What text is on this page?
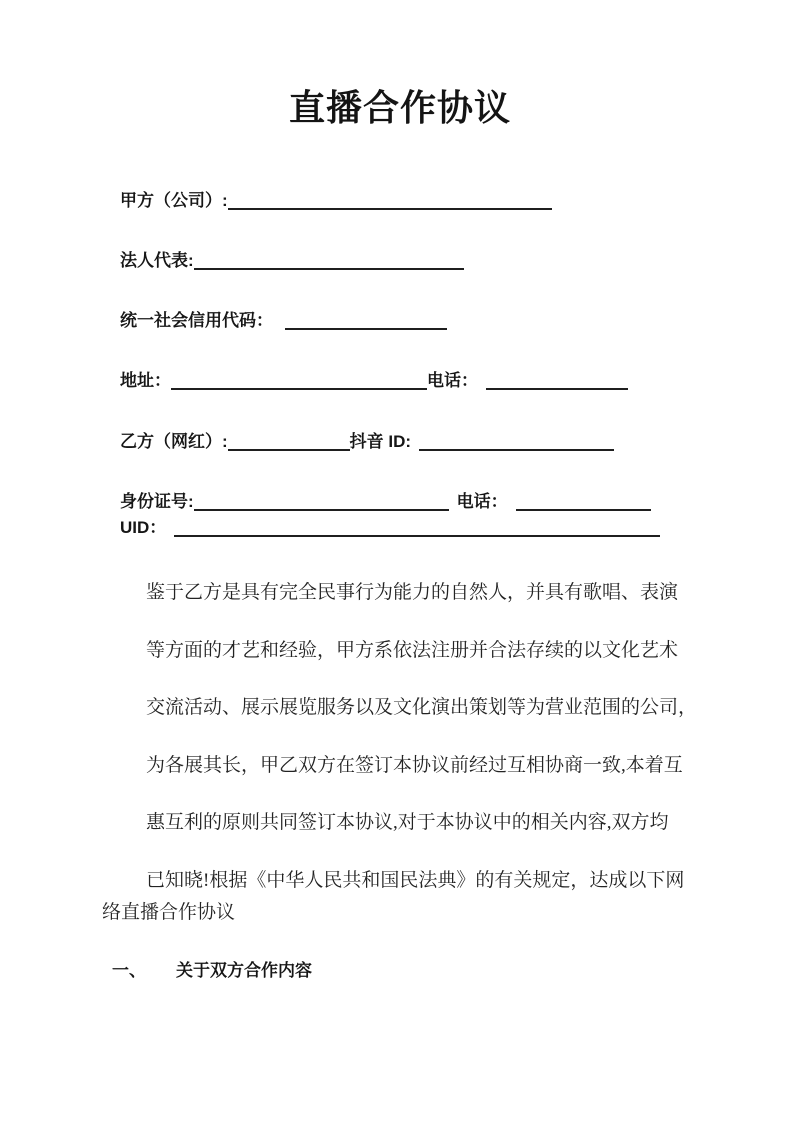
直播合作协议
甲方（公司）:
法人代表:
统一社会信用代码：
地址：	电话：
乙方（网红）:	抖音 ID:
身份证号:	电话：
UID：
鉴于乙方是具有完全民事行为能力的自然人，并具有歌唱、表演
等方面的才艺和经验，甲方系依法注册并合法存续的以文化艺术
交流活动、展示展览服务以及文化演出策划等为营业范围的公司，
为各展其长，甲乙双方在签订本协议前经过互相协商一致,本着互
惠互利的原则共同签订本协议,对于本协议中的相关内容,双方均
已知晓!根据《中华人民共和国民法典》的有关规定，达成以下网
络直播合作协议
一、 关于双方合作内容
